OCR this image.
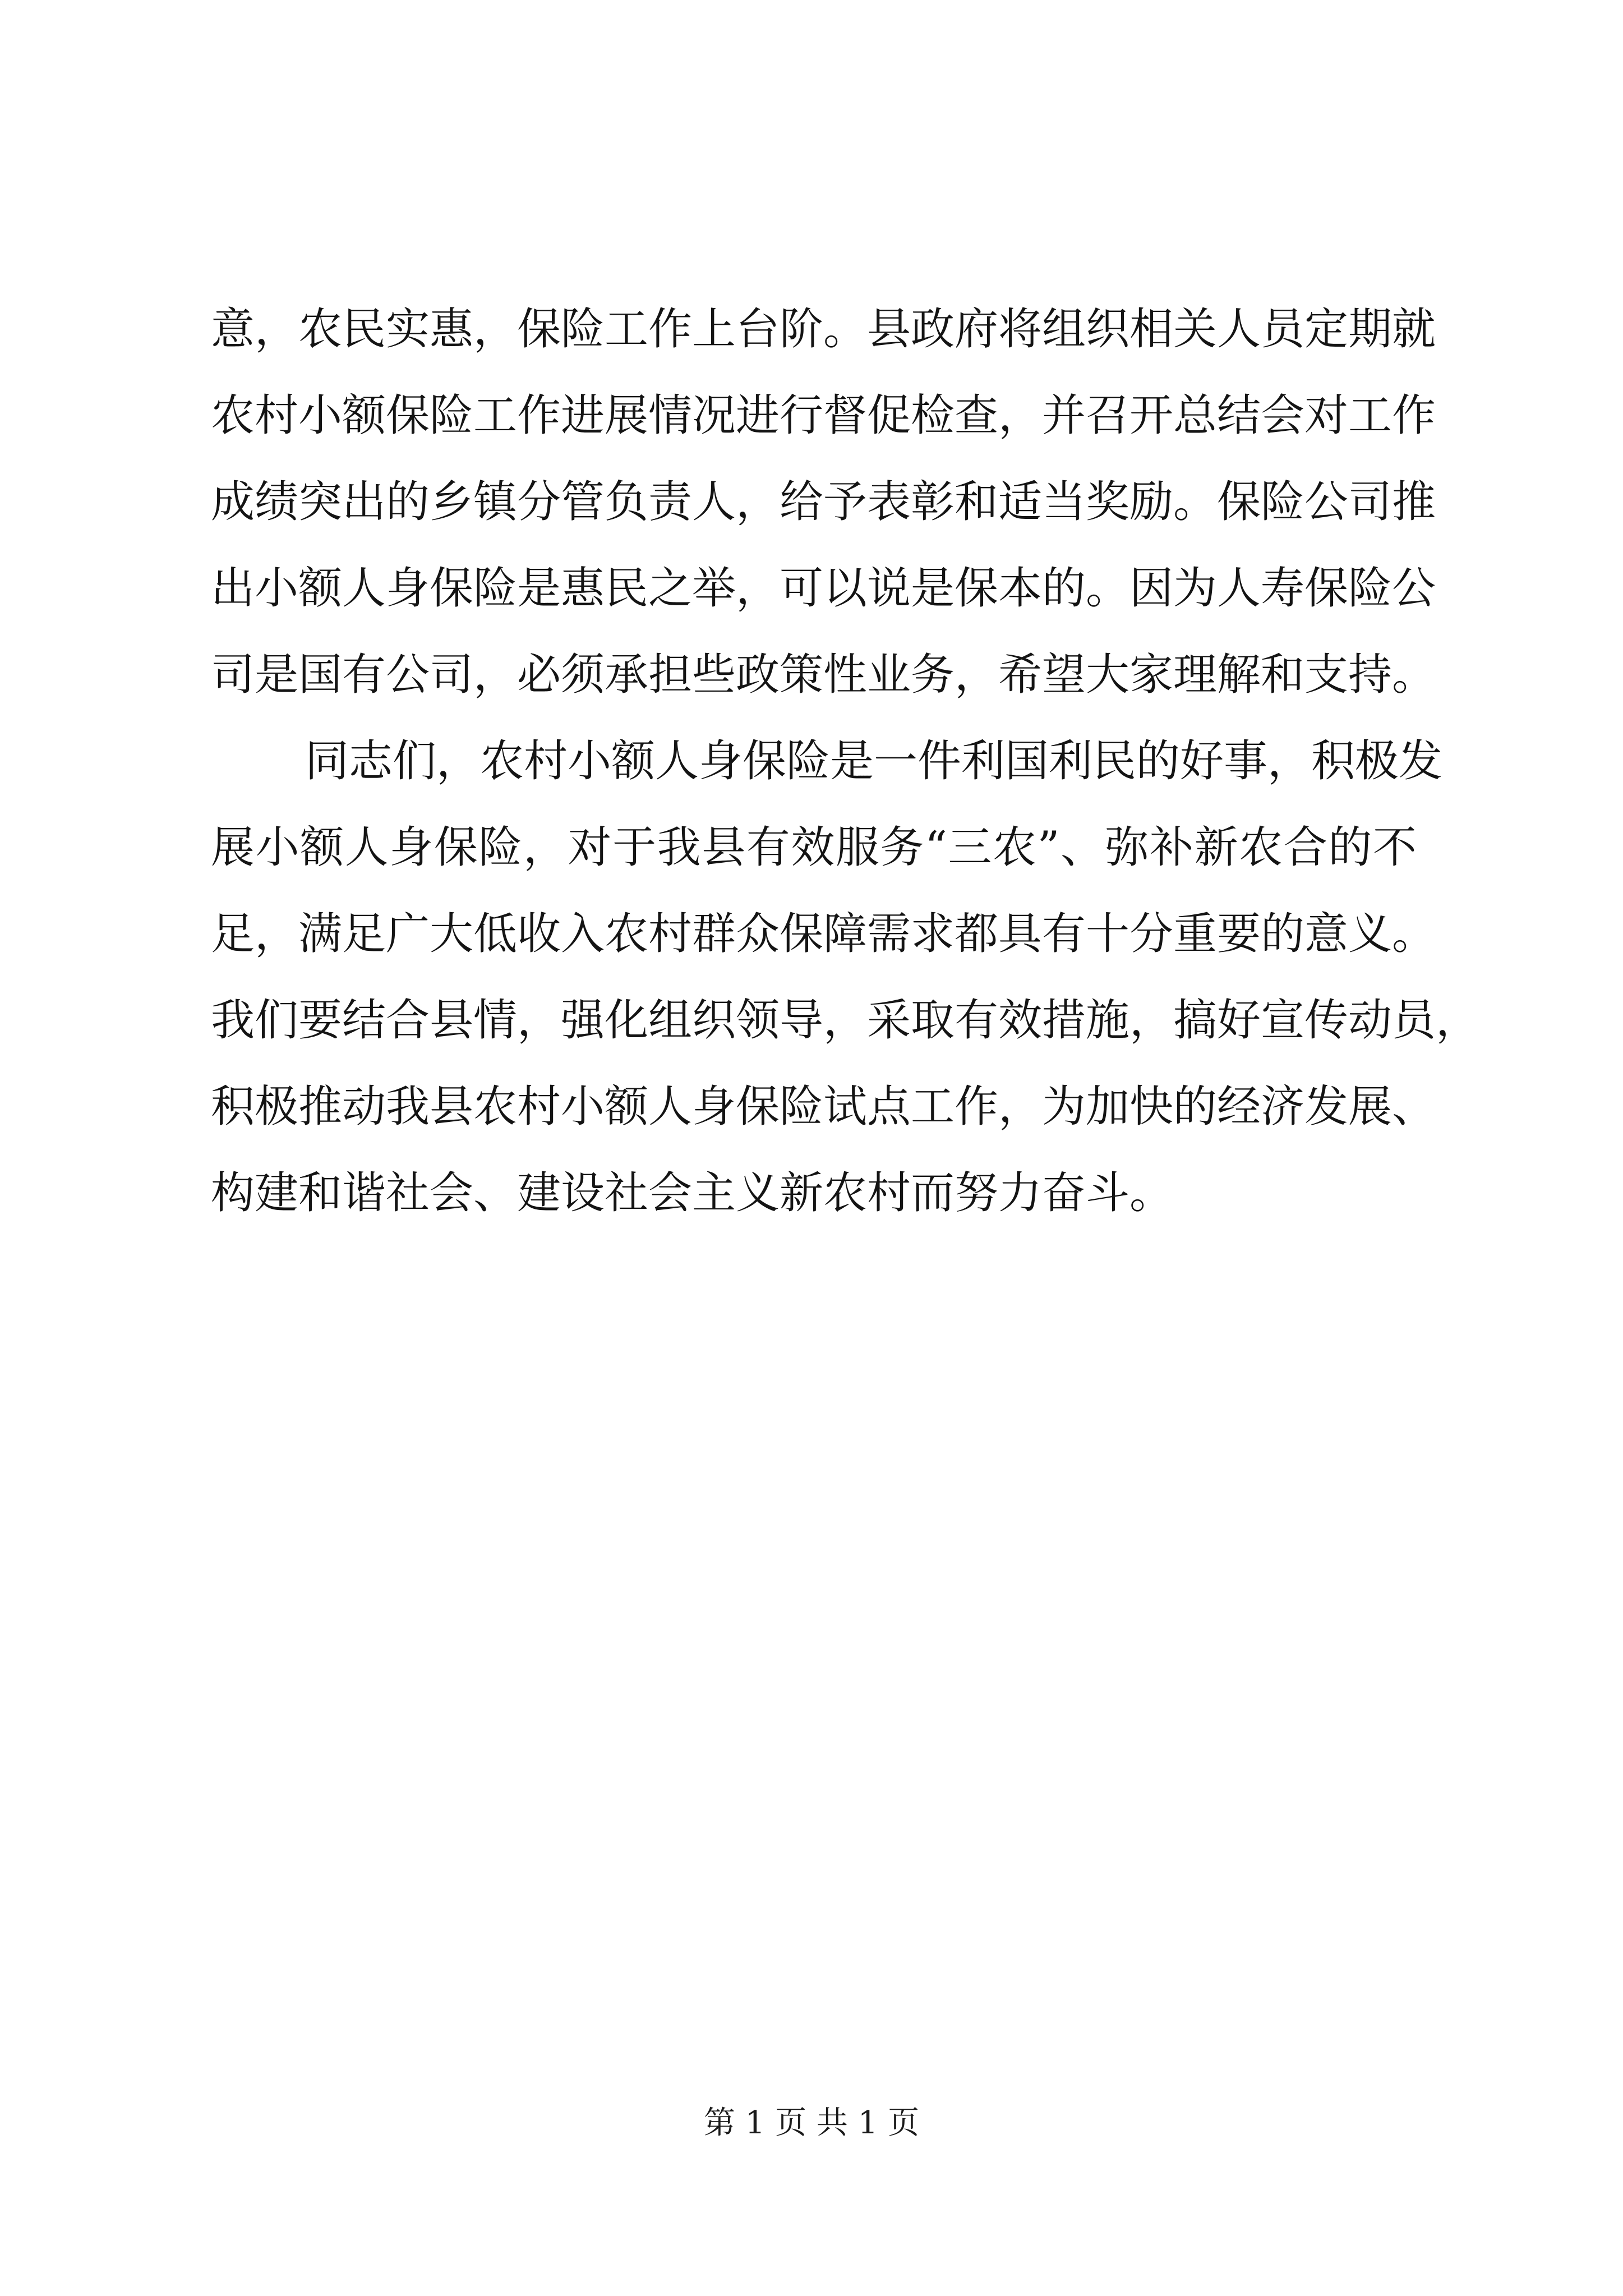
意，农民实惠，保险工作上台阶。县政府将组织相关人员定期就
农村小额保险工作进展情况进行督促检查，并召开总结会对工作
成绩突出的乡镇分管负责人，给予表彰和适当奖励。保险公司推
出小额人身保险是惠民之举，可以说是保本的。因为人寿保险公
司是国有公司，必须承担些政策性业务，希望大家理解和支持。
同志们，农村小额人身保险是一件利国利民的好事，积极发
展小额人身保险，对于我县有效服务“三农”、弥补新农合的不
足，满足广大低收入农村群众保障需求都具有十分重要的意义。
我们要结合县情，强化组织领导，采取有效措施，搞好宣传动员，
积极推动我县农村小额人身保险试点工作，为加快的经济发展、
构建和谐社会、建设社会主义新农村而努力奋斗。
第 1 页 共 1 页
